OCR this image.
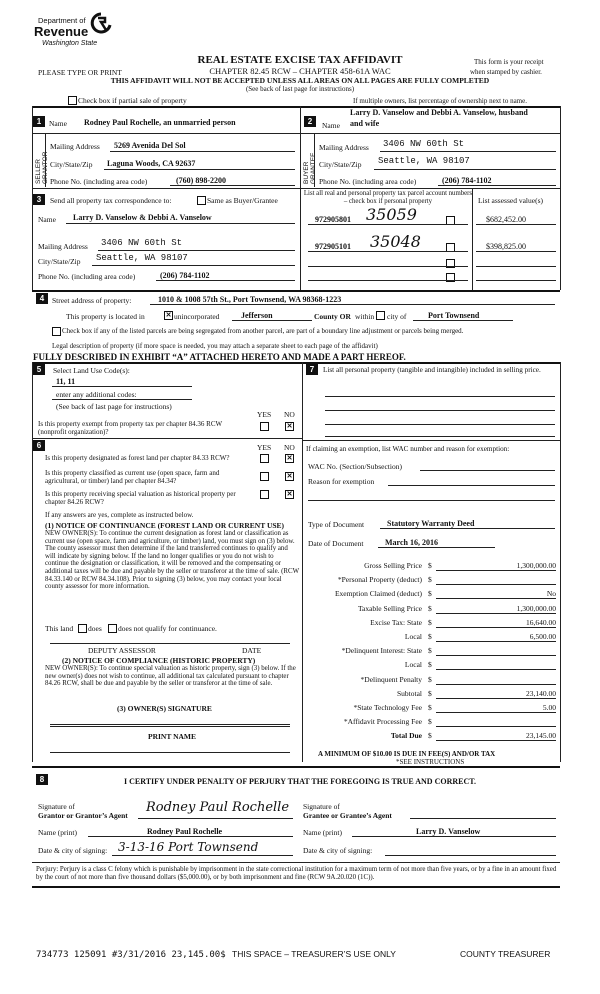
Department of
Revenue
Washington State
REAL ESTATE EXCISE TAX AFFIDAVIT
PLEASE TYPE OR PRINT	CHAPTER 82.45 RCW – CHAPTER 458-61A WAC
This form is your receipt
when stamped by cashier.
THIS AFFIDAVIT WILL NOT BE ACCEPTED UNLESS ALL AREAS ON ALL PAGES ARE FULLY COMPLETED
(See back of last page for instructions)
Check box if partial sale of property	If multiple owners, list percentage of ownership next to name.
1	Name Rodney Paul Rochelle, an unmarried person
SELLER
Mailing Address 5269 Avenida Del Sol
City/State/Zip Laguna Woods, CA 92637
Phone No. (including area code)	(760) 898-2200
2	Name
Larry D. Vanselow and Debbi A. Vanselow, husband
and wife
BUYER
Mailing Address 3406 NW 60th St
City/State/Zip Seattle, WA 98107
Phone No. (including area code)	(206) 784-1102
3	Send all property tax correspondence to:	Same as Buyer/Grantee
Name Larry D. Vanselow & Debbi A. Vanselow
Mailing Address 3406 NW 60th St
City/State/Zip Seattle, WA 98107
Phone No. (including area code)	(206) 784-1102
List all real and personal property tax parcel account numbers – check box if personal property	List assessed value(s)
972905801 35059	$682,452.00
972905101 35048	$398,825.00
4	Street address of property:	1010 & 1008 57th St., Port Townsend, WA 98368-1223
This property is located in	✕ unincorporated	Jefferson	County OR within city of	Port Townsend
Check box if any of the listed parcels are being segregated from another parcel, are part of a boundary line adjustment or parcels being merged.
Legal description of property (if more space is needed, you may attach a separate sheet to each page of the affidavit)
FULLY DESCRIBED IN EXHIBIT “A” ATTACHED HERETO AND MADE A PART HEREOF.
5	Select Land Use Code(s):
11, 11
enter any additional codes:
(See back of last page for instructions)
YES NO
Is this property exempt from property tax per chapter 84.36 RCW (nonprofit organization)?
✕
6	YES NO
Is this property designated as forest land per chapter 84.33 RCW?	✕
Is this property classified as current use (open space, farm and agricultural, or timber) land per chapter 84.34?
✕
Is this property receiving special valuation as historical property per chapter 84.26 RCW?
✕
If any answers are yes, complete as instructed below.
(1) NOTICE OF CONTINUANCE (FOREST LAND OR CURRENT USE)
NEW OWNER(S): To continue the current designation as forest land or classification as current use (open space, farm and agriculture, or timber) land, you must sign on (3) below. The county assessor must then determine if the land transferred continues to qualify and will indicate by signing below. If the land no longer qualifies or you do not wish to continue the designation or classification, it will be removed and the compensating or additional taxes will be due and payable by the seller or transferor at the time of sale. (RCW 84.33.140 or RCW 84.34.108). Prior to signing (3) below, you may contact your local county assessor for more information.
This land does does not qualify for continuance.
DEPUTY ASSESSOR	DATE
(2) NOTICE OF COMPLIANCE (HISTORIC PROPERTY)
NEW OWNER(S): To continue special valuation as historic property, sign (3) below. If the new owner(s) does not wish to continue, all additional tax calculated pursuant to chapter 84.26 RCW, shall be due and payable by the seller or transferor at the time of sale.
(3) OWNER(S) SIGNATURE
PRINT NAME
7	List all personal property (tangible and intangible) included in selling price.
If claiming an exemption, list WAC number and reason for exemption:
WAC No. (Section/Subsection)
Reason for exemption
Type of Document	Statutory Warranty Deed
Date of Document	March 16, 2016
Gross Selling Price $	1,300,000.00
*Personal Property (deduct) $
Exemption Claimed (deduct) $	No
Taxable Selling Price $	1,300,000.00
Excise Tax: State $	16,640.00
Local $	6,500.00
*Delinquent Interest: State $
Local $
*Delinquent Penalty $
Subtotal $	23,140.00
*State Technology Fee $	5.00
*Affidavit Processing Fee $
Total Due $	23,145.00
A MINIMUM OF $10.00 IS DUE IN FEE(S) AND/OR TAX
*SEE INSTRUCTIONS
8	I CERTIFY UNDER PENALTY OF PERJURY THAT THE FOREGOING IS TRUE AND CORRECT.
Signature of
Grantor or Grantor’s Agent
Rodney Paul Rochelle
Name (print)	Rodney Paul Rochelle
Date & city of signing: 3-13-16 Port Townsend
Signature of
Grantee or Grantee’s Agent
Name (print)	Larry D. Vanselow
Date & city of signing:
Perjury: Perjury is a class C felony which is punishable by imprisonment in the state correctional institution for a maximum term of not more than five years, or by a fine in an amount fixed by the court of not more than five thousand dollars ($5,000.00), or by both imprisonment and fine (RCW 9A.20.020 (1C)).
734773 125091 #3/31/2016 23,145.00$ THIS SPACE – TREASURER’S USE ONLY	COUNTY TREASURER
